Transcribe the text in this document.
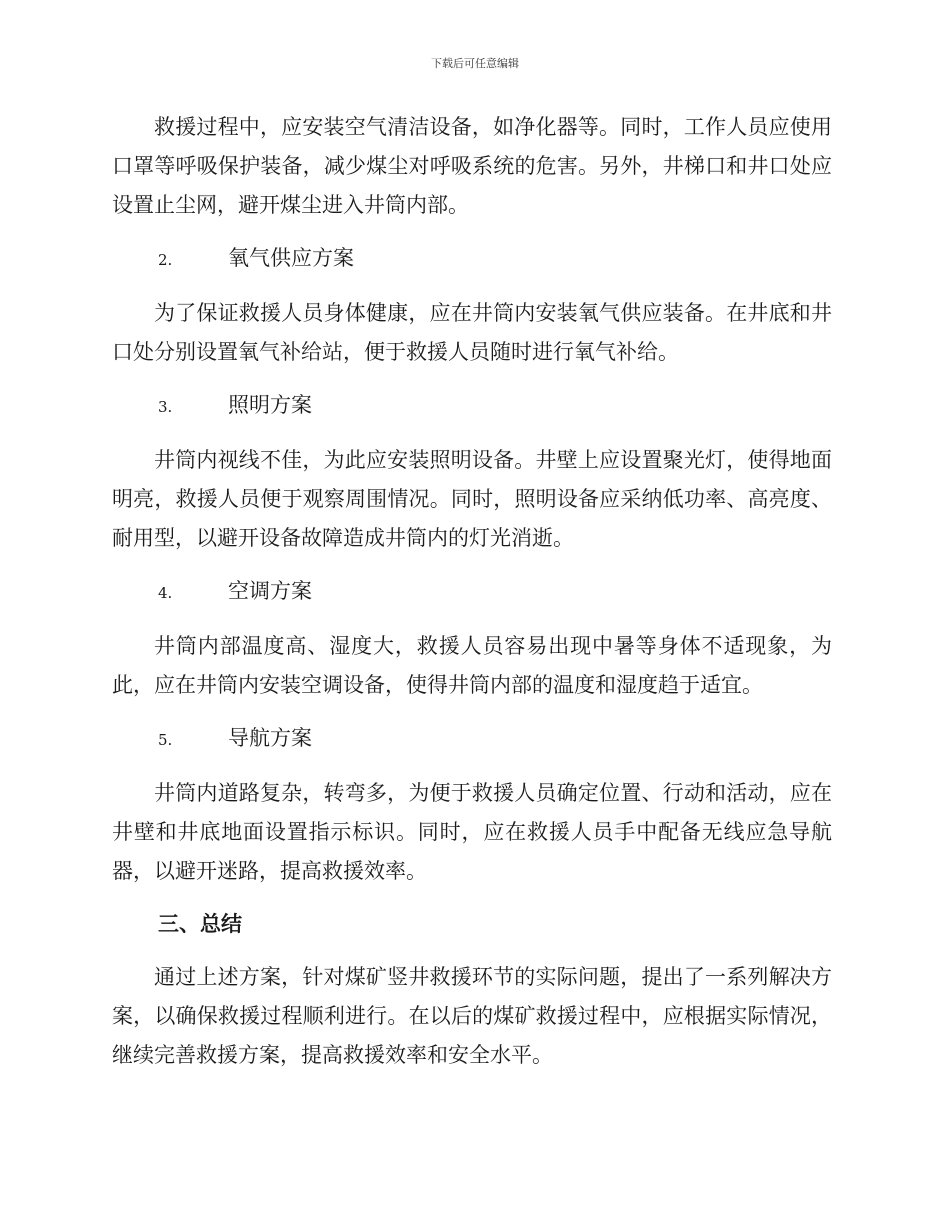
下载后可任意编辑

救援过程中，应安装空气清洁设备，如净化器等。同时，工作人员应使用口罩等呼吸保护装备，减少煤尘对呼吸系统的危害。另外，井梯口和井口处应设置止尘网，避开煤尘进入井筒内部。

2.	氧气供应方案

为了保证救援人员身体健康，应在井筒内安装氧气供应装备。在井底和井口处分别设置氧气补给站，便于救援人员随时进行氧气补给。

3.	照明方案

井筒内视线不佳，为此应安装照明设备。井壁上应设置聚光灯，使得地面明亮，救援人员便于观察周围情况。同时，照明设备应采纳低功率、高亮度、耐用型，以避开设备故障造成井筒内的灯光消逝。

4.	空调方案

井筒内部温度高、湿度大，救援人员容易出现中暑等身体不适现象，为此，应在井筒内安装空调设备，使得井筒内部的温度和湿度趋于适宜。

5.	导航方案

井筒内道路复杂，转弯多，为便于救援人员确定位置、行动和活动，应在井壁和井底地面设置指示标识。同时，应在救援人员手中配备无线应急导航器，以避开迷路，提高救援效率。

三、总结

通过上述方案，针对煤矿竖井救援环节的实际问题，提出了一系列解决方案，以确保救援过程顺利进行。在以后的煤矿救援过程中，应根据实际情况，继续完善救援方案，提高救援效率和安全水平。
